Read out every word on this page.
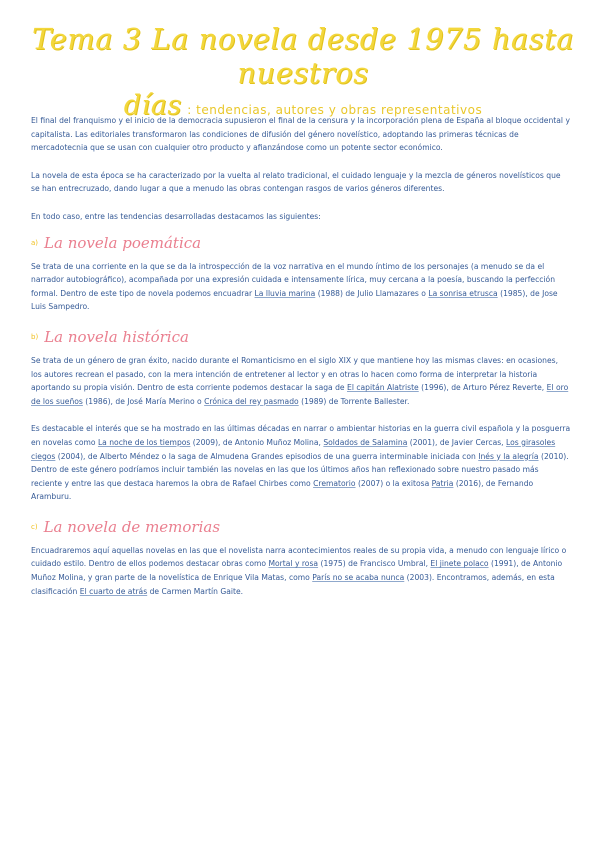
Tema 3 La novela desde 1975 hasta nuestros
días : tendencias, autores y obras representativos

El final del franquismo y el inicio de la democracia supusieron el final de la censura y la incorporación plena de España al bloque occidental y capitalista. Las editoriales transformaron las condiciones de difusión del género novelístico, adoptando las primeras técnicas de mercadotecnia que se usan con cualquier otro producto y afianzándose como un potente sector económico.

La novela de esta época se ha caracterizado por la vuelta al relato tradicional, el cuidado lenguaje y la mezcla de géneros novelísticos que se han entrecruzado, dando lugar a que a menudo las obras contengan rasgos de varios géneros diferentes.

En todo caso, entre las tendencias desarrolladas destacamos las siguientes:

a) La novela poemática

Se trata de una corriente en la que se da la introspección de la voz narrativa en el mundo íntimo de los personajes (a menudo se da el narrador autobiográfico), acompañada por una expresión cuidada e intensamente lírica, muy cercana a la poesía, buscando la perfección formal. Dentro de este tipo de novela podemos encuadrar La lluvia marina (1988) de Julio Llamazares o La sonrisa etrusca (1985), de Jose Luis Sampedro.

b) La novela histórica

Se trata de un género de gran éxito, nacido durante el Romanticismo en el siglo XIX y que mantiene hoy las mismas claves: en ocasiones, los autores recrean el pasado, con la mera intención de entretener al lector y en otras lo hacen como forma de interpretar la historia aportando su propia visión. Dentro de esta corriente podemos destacar la saga de El capitán Alatriste (1996), de Arturo Pérez Reverte, El oro de los sueños (1986), de José María Merino o Crónica del rey pasmado (1989) de Torrente Ballester.

Es destacable el interés que se ha mostrado en las últimas décadas en narrar o ambientar historias en la guerra civil española y la posguerra en novelas como La noche de los tiempos (2009), de Antonio Muñoz Molina, Soldados de Salamina (2001), de Javier Cercas, Los girasoles ciegos (2004), de Alberto Méndez o la saga de Almudena Grandes episodios de una guerra interminable iniciada con Inés y la alegría (2010). Dentro de este género podríamos incluir también las novelas en las que los últimos años han reflexionado sobre nuestro pasado más reciente y entre las que destaca haremos la obra de Rafael Chirbes como Crematorio (2007) o la exitosa Patria (2016), de Fernando Aramburu.

c) La novela de memorias

Encuadraremos aquí aquellas novelas en las que el novelista narra acontecimientos reales de su propia vida, a menudo con lenguaje lírico o cuidado estilo. Dentro de ellos podemos destacar obras como Mortal y rosa (1975) de Francisco Umbral, El jinete polaco (1991), de Antonio Muñoz Molina, y gran parte de la novelística de Enrique Vila Matas, como París no se acaba nunca (2003). Encontramos, además, en esta clasificación El cuarto de atrás de Carmen Martín Gaite.
